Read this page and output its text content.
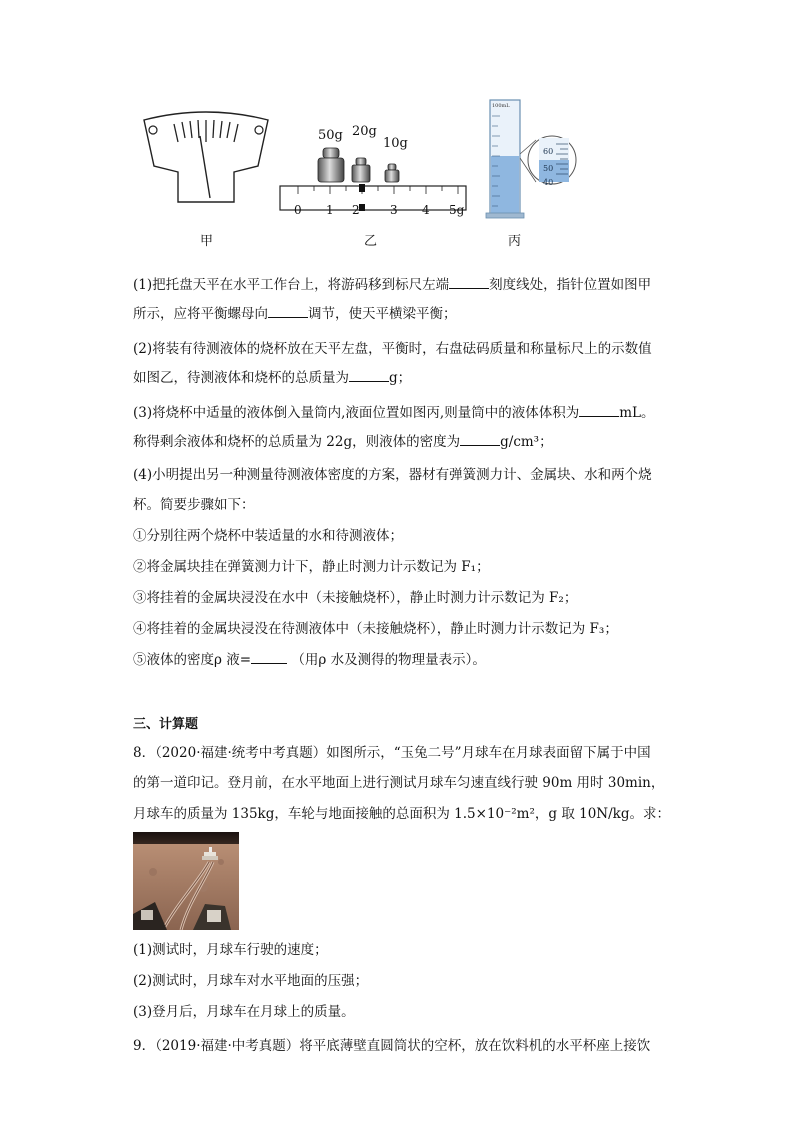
甲
50g 20g
10g
0 1 2	3 4 5g
乙
100mL
60
50
40
丙
(1)把托盘天平在水平工作台上，将游码移到标尺左端	刻度线处，指针位置如图甲
所示，应将平衡螺母向	调节，使天平横梁平衡；
(2)将装有待测液体的烧杯放在天平左盘，平衡时，右盘砝码质量和称量标尺上的示数值
如图乙，待测液体和烧杯的总质量为	g；
(3)将烧杯中适量的液体倒入量筒内,液面位置如图丙,则量筒中的液体体积为	mL。
称得剩余液体和烧杯的总质量为 22g，则液体的密度为	g/cm³；
(4)小明提出另一种测量待测液体密度的方案，器材有弹簧测力计、金属块、水和两个烧
杯。简要步骤如下：
①分别往两个烧杯中装适量的水和待测液体；
②将金属块挂在弹簧测力计下，静止时测力计示数记为 F₁；
③将挂着的金属块浸没在水中（未接触烧杯），静止时测力计示数记为 F₂；
④将挂着的金属块浸没在待测液体中（未接触烧杯），静止时测力计示数记为 F₃；
⑤液体的密度ρ 液=	（用ρ 水及测得的物理量表示）。
三、计算题
8．（2020·福建·统考中考真题）如图所示，“玉兔二号”月球车在月球表面留下属于中国
的第一道印记。登月前，在水平地面上进行测试月球车匀速直线行驶 90m 用时 30min，
月球车的质量为 135kg，车轮与地面接触的总面积为 1.5×10⁻²m²，g 取 10N/kg。求：
(1)测试时，月球车行驶的速度；
(2)测试时，月球车对水平地面的压强；
(3)登月后，月球车在月球上的质量。
9．（2019·福建·中考真题）将平底薄壁直圆筒状的空杯，放在饮料机的水平杯座上接饮
